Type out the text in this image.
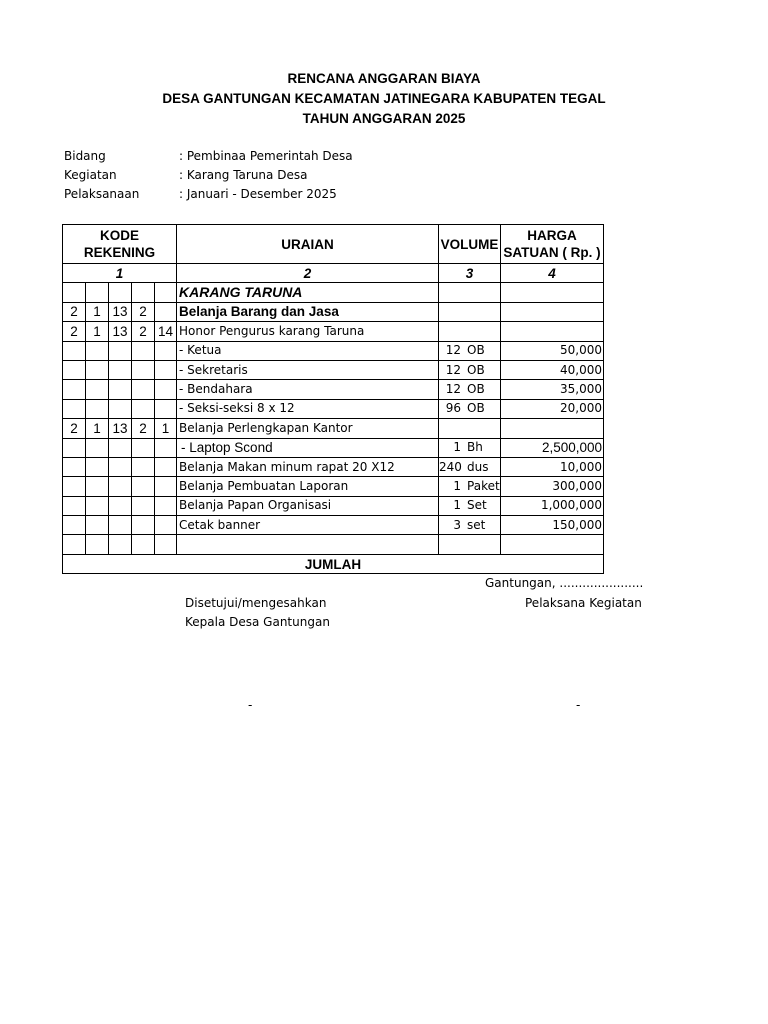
RENCANA ANGGARAN BIAYA
DESA GANTUNGAN KECAMATAN JATINEGARA KABUPATEN TEGAL
TAHUN ANGGARAN 2025
Bidang	: Pembinaa Pemerintah Desa
Kegiatan	: Karang Taruna Desa
Pelaksanaan	: Januari - Desember 2025
KODE REKENING					URAIAN	VOLUME	HARGA SATUAN ( Rp. )
1					2	3	4
					KARANG TARUNA		
2	1	13	2		Belanja Barang dan Jasa		
2	1	13	2	14	Honor Pengurus karang Taruna		
					- Ketua	12 OB	50,000
					- Sekretaris	12 OB	40,000
					- Bendahara	12 OB	35,000
					- Seksi-seksi 8 x 12	96 OB	20,000
2	1	13	2	1	Belanja Perlengkapan Kantor		
					- Laptop Scond	1 Bh	2,500,000
					Belanja Makan minum rapat 20 X12	240 dus	10,000
					Belanja Pembuatan Laporan	1 Paket	300,000
					Belanja Papan Organisasi	1 Set	1,000,000
					Cetak banner	3 set	150,000

JUMLAH							
Gantungan, ......................
Disetujui/mengesahkan	Pelaksana Kegiatan
Kepala Desa Gantungan
-	-
